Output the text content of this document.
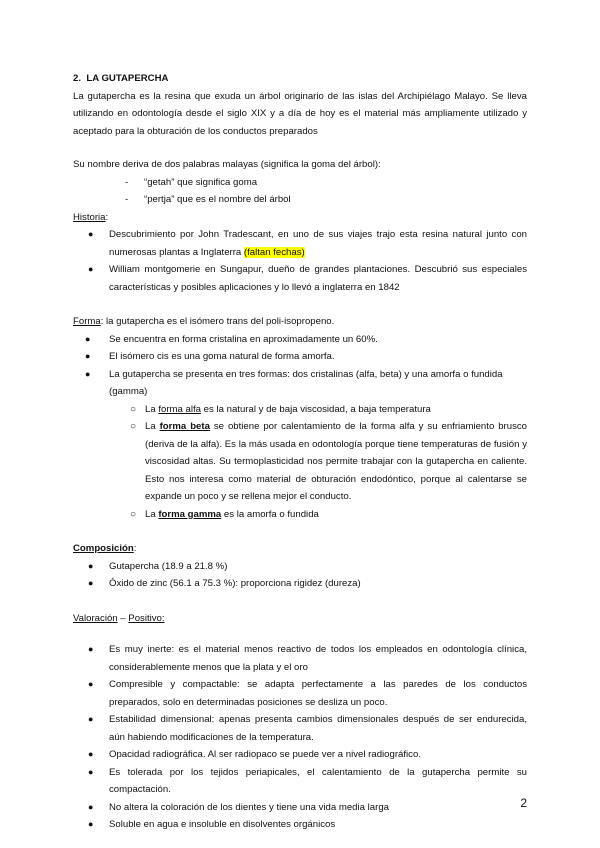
2. LA GUTAPERCHA

La gutapercha es la resina que exuda un árbol originario de las islas del Archipiélago Malayo. Se lleva utilizando en odontología desde el siglo XIX y a día de hoy es el material más ampliamente utilizado y aceptado para la obturación de los conductos preparados

Su nombre deriva de dos palabras malayas (significa la goma del árbol):

- “getah” que significa goma
- “pertja” que es el nombre del árbol

Historia:

● Descubrimiento por John Tradescant, en uno de sus viajes trajo esta resina natural junto con numerosas plantas a Inglaterra (faltan fechas)
● William montgomerie en Sungapur, dueño de grandes plantaciones. Descubrió sus especiales características y posibles aplicaciones y lo llevó a inglaterra en 1842

Forma: la gutapercha es el isómero trans del poli-isopropeno.

● Se encuentra en forma cristalina en aproximadamente un 60%.
● El isómero cis es una goma natural de forma amorfa.
● La gutapercha se presenta en tres formas: dos cristalinas (alfa, beta) y una amorfa o fundida (gamma)
○ La forma alfa es la natural y de baja viscosidad, a baja temperatura
○ La forma beta se obtiene por calentamiento de la forma alfa y su enfriamiento brusco (deriva de la alfa). Es la más usada en odontología porque tiene temperaturas de fusión y viscosidad altas. Su termoplasticidad nos permite trabajar con la gutapercha en caliente. Esto nos interesa como material de obturación endodóntico, porque al calentarse se expande un poco y se rellena mejor el conducto.
○ La forma gamma es la amorfa o fundida

Composición:

● Gutapercha (18.9 a 21.8 %)
● Óxido de zinc (56.1 a 75.3 %): proporciona rigidez (dureza)

Valoración – Positivo:

● Es muy inerte: es el material menos reactivo de todos los empleados en odontología clínica, considerablemente menos que la plata y el oro
● Compresible y compactable: se adapta perfectamente a las paredes de los conductos preparados, solo en determinadas posiciones se desliza un poco.
● Estabilidad dimensional: apenas presenta cambios dimensionales después de ser endurecida, aún habiendo modificaciones de la temperatura.
● Opacidad radiográfica. Al ser radiopaco se puede ver a nivel radiográfico.
● Es tolerada por los tejidos periapicales, el calentamiento de la gutapercha permite su compactación.
● No altera la coloración de los dientes y tiene una vida media larga
● Soluble en agua e insoluble en disolventes orgánicos
2
